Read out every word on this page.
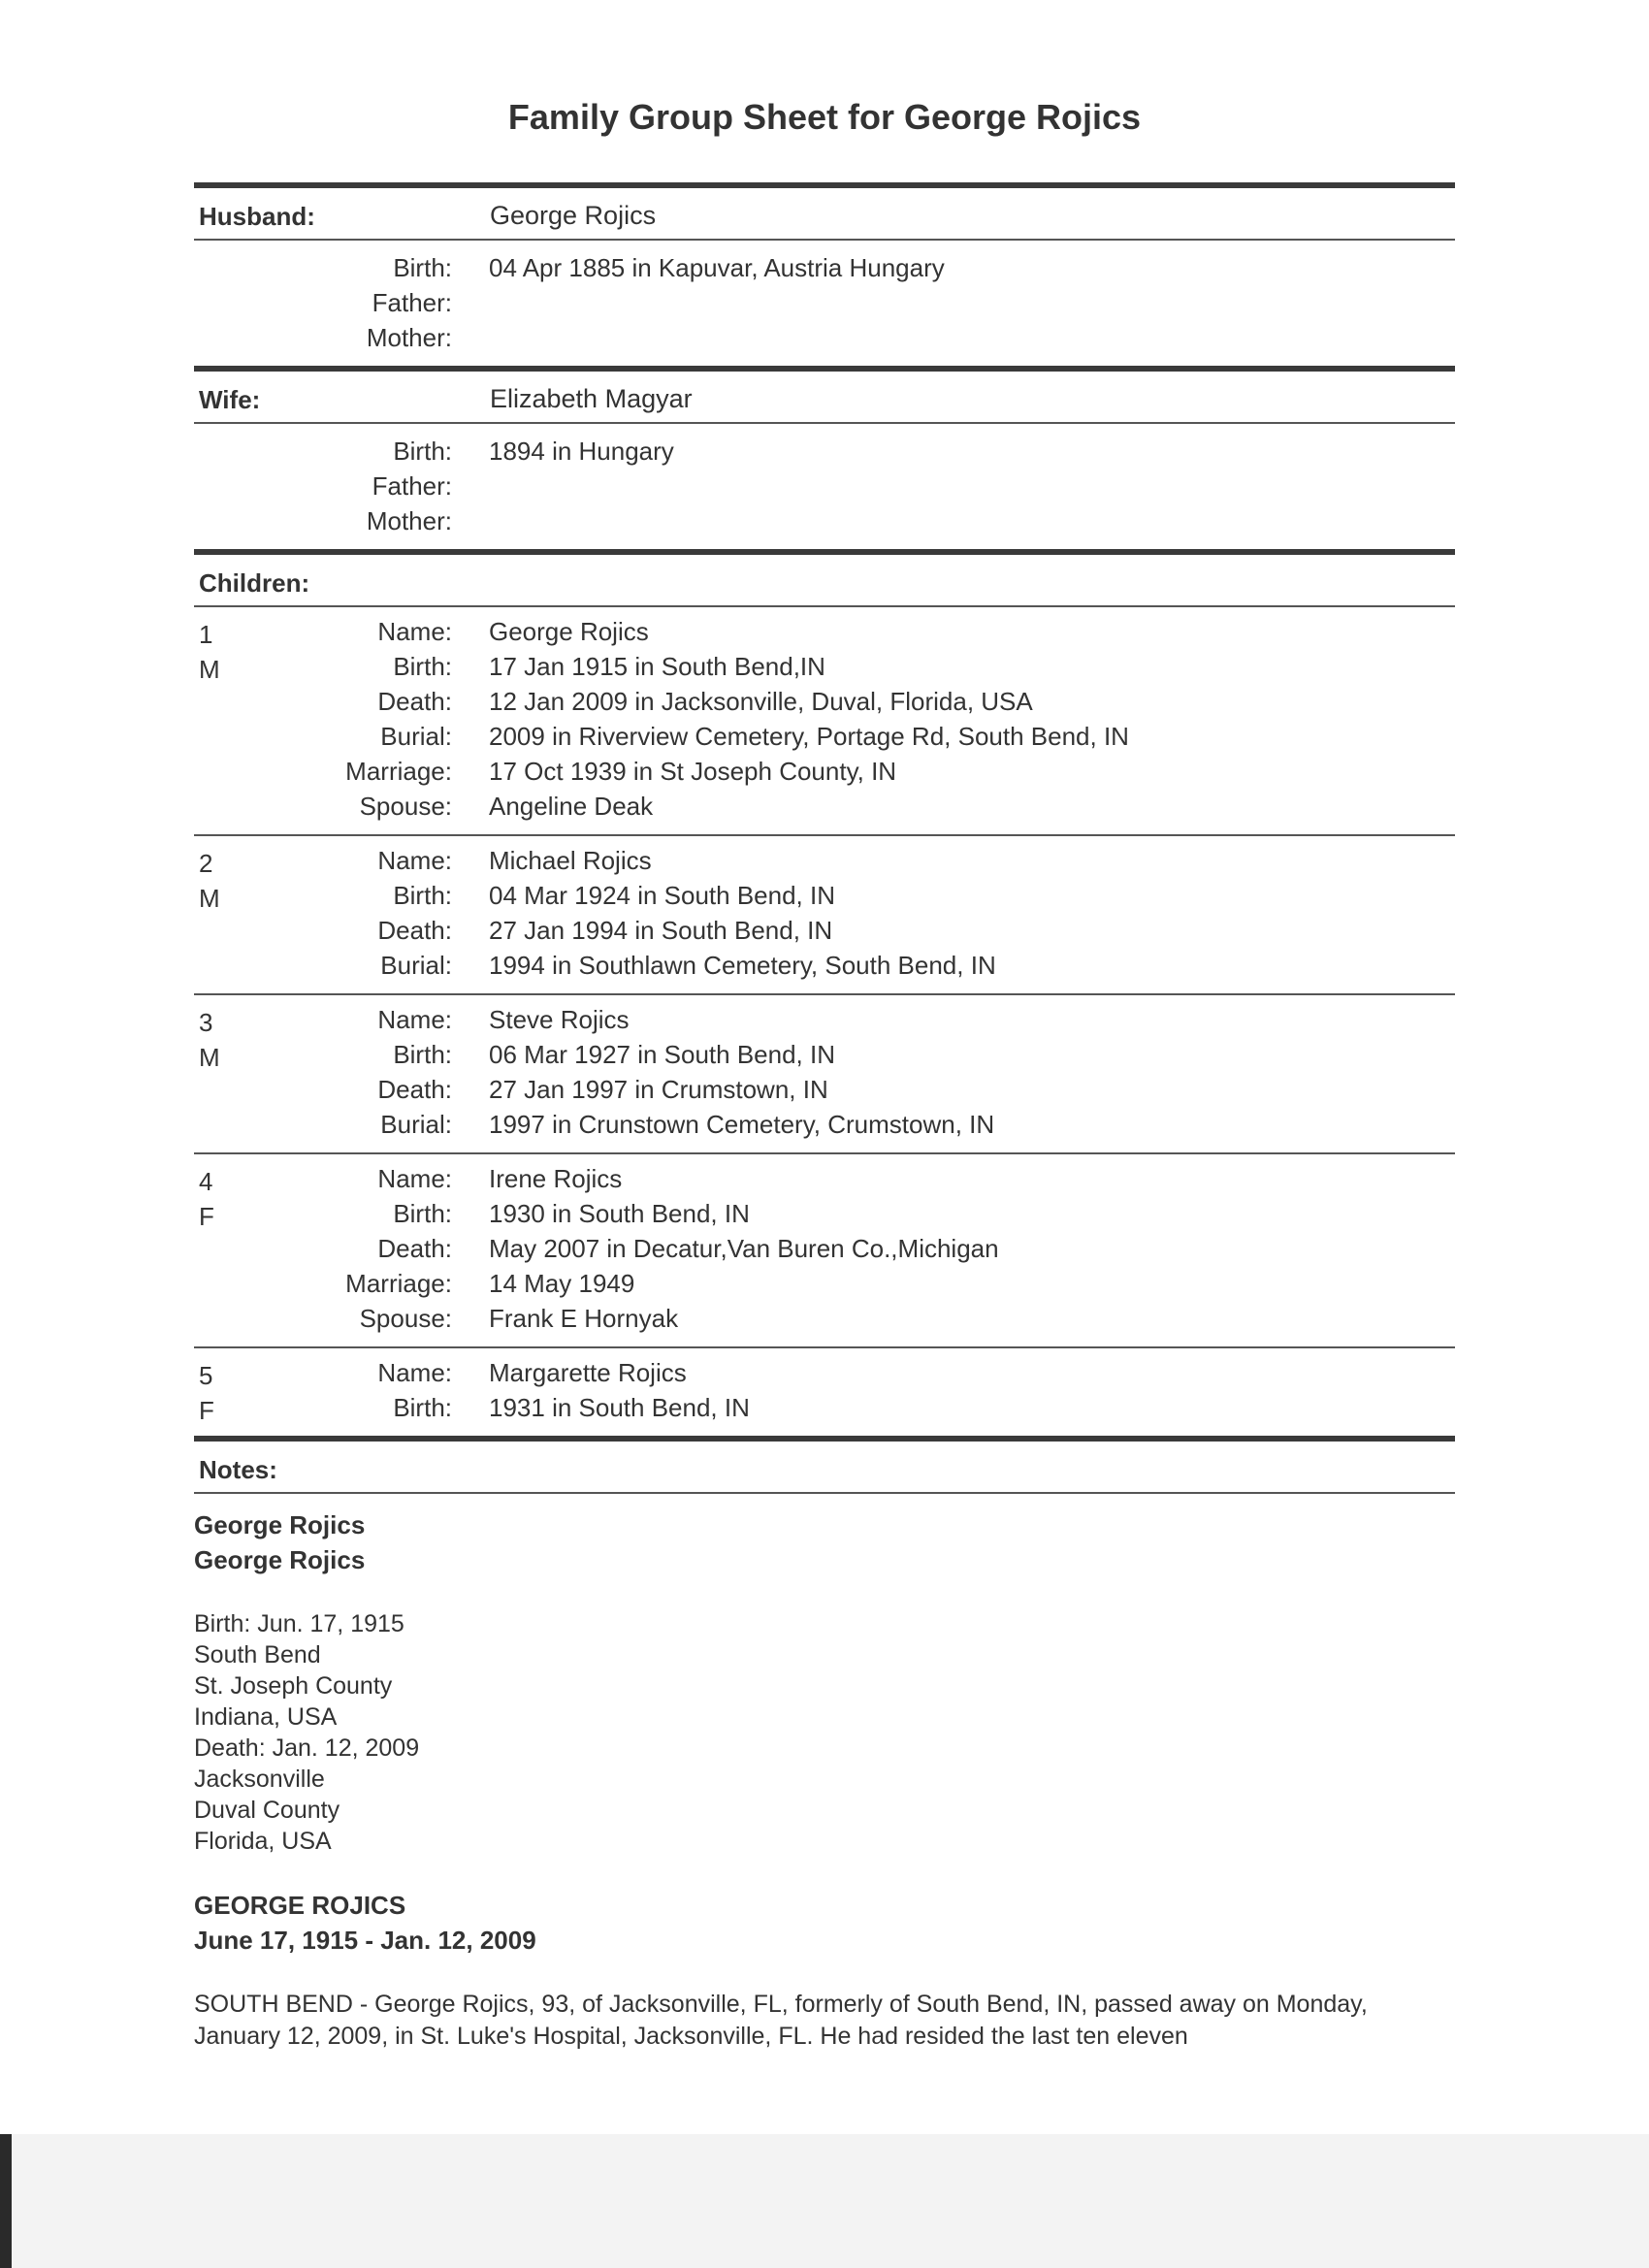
Family Group Sheet for George Rojics
Husband:	George Rojics
Birth: 04 Apr 1885 in Kapuvar, Austria Hungary
Father:
Mother:
Wife:	Elizabeth Magyar
Birth: 1894 in Hungary
Father:
Mother:
Children:
1
M
Name: George Rojics
Birth: 17 Jan 1915 in South Bend,IN
Death: 12 Jan 2009 in Jacksonville, Duval, Florida, USA
Burial: 2009 in Riverview Cemetery, Portage Rd, South Bend, IN
Marriage: 17 Oct 1939 in St Joseph County, IN
Spouse: Angeline Deak
2
M
Name: Michael Rojics
Birth: 04 Mar 1924 in South Bend, IN
Death: 27 Jan 1994 in South Bend, IN
Burial: 1994 in Southlawn Cemetery, South Bend, IN
3
M
Name: Steve Rojics
Birth: 06 Mar 1927 in South Bend, IN
Death: 27 Jan 1997 in Crumstown, IN
Burial: 1997 in Crunstown Cemetery, Crumstown, IN
4
F
Name: Irene Rojics
Birth: 1930 in South Bend, IN
Death: May 2007 in Decatur,Van Buren Co.,Michigan
Marriage: 14 May 1949
Spouse: Frank E Hornyak
5
F
Name: Margarette Rojics
Birth: 1931 in South Bend, IN
Notes:

George Rojics

George Rojics

Birth: Jun. 17, 1915

South Bend

St. Joseph County

Indiana, USA

Death: Jan. 12, 2009

Jacksonville

Duval County

Florida, USA

GEORGE ROJICS

June 17, 1915 - Jan. 12, 2009

SOUTH BEND - George Rojics, 93, of Jacksonville, FL, formerly of South Bend, IN, passed away on Monday, January 12, 2009, in St. Luke's Hospital, Jacksonville, FL. He had resided the last ten eleven
